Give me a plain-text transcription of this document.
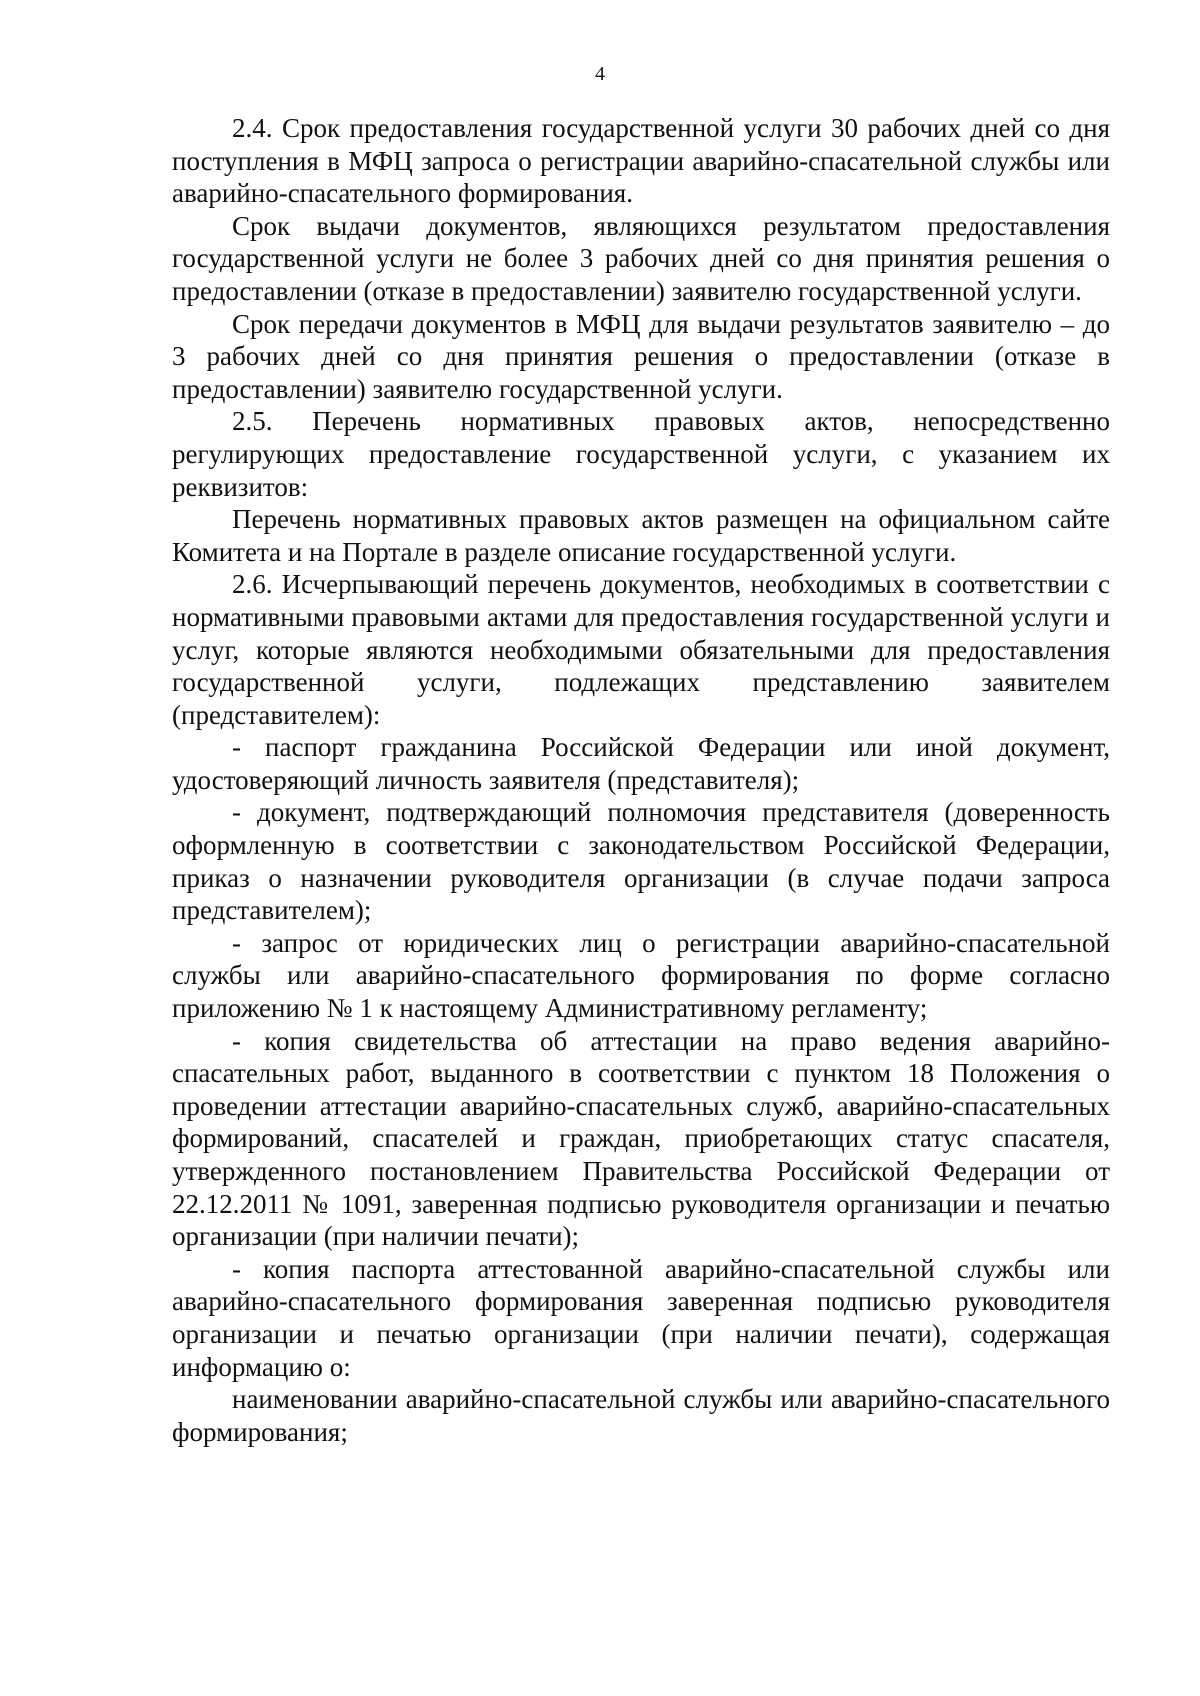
4

2.4. Срок предоставления государственной услуги 30 рабочих дней со дня поступления в МФЦ запроса о регистрации аварийно-спасательной службы или аварийно-спасательного формирования.

Срок выдачи документов, являющихся результатом предоставления государственной услуги не более 3 рабочих дней со дня принятия решения о предоставлении (отказе в предоставлении) заявителю государственной услуги.

Срок передачи документов в МФЦ для выдачи результатов заявителю – до 3 рабочих дней со дня принятия решения о предоставлении (отказе в предоставлении) заявителю государственной услуги.

2.5. Перечень нормативных правовых актов, непосредственно регулирующих предоставление государственной услуги, с указанием их реквизитов:

Перечень нормативных правовых актов размещен на официальном сайте Комитета и на Портале в разделе описание государственной услуги.

2.6. Исчерпывающий перечень документов, необходимых в соответствии с нормативными правовыми актами для предоставления государственной услуги и услуг, которые являются необходимыми обязательными для предоставления государственной услуги, подлежащих представлению заявителем (представителем):

- паспорт гражданина Российской Федерации или иной документ, удостоверяющий личность заявителя (представителя);

- документ, подтверждающий полномочия представителя (доверенность оформленную в соответствии с законодательством Российской Федерации, приказ о назначении руководителя организации (в случае подачи запроса представителем);

- запрос от юридических лиц о регистрации аварийно-спасательной службы или аварийно-спасательного формирования по форме согласно приложению № 1 к настоящему Административному регламенту;

- копия свидетельства об аттестации на право ведения аварийно-спасательных работ, выданного в соответствии с пунктом 18 Положения о проведении аттестации аварийно-спасательных служб, аварийно-спасательных формирований, спасателей и граждан, приобретающих статус спасателя, утвержденного постановлением Правительства Российской Федерации от 22.12.2011 № 1091, заверенная подписью руководителя организации и печатью организации (при наличии печати);

- копия паспорта аттестованной аварийно-спасательной службы или аварийно-спасательного формирования заверенная подписью руководителя организации и печатью организации (при наличии печати), содержащая информацию о:

наименовании аварийно-спасательной службы или аварийно-спасательного формирования;
